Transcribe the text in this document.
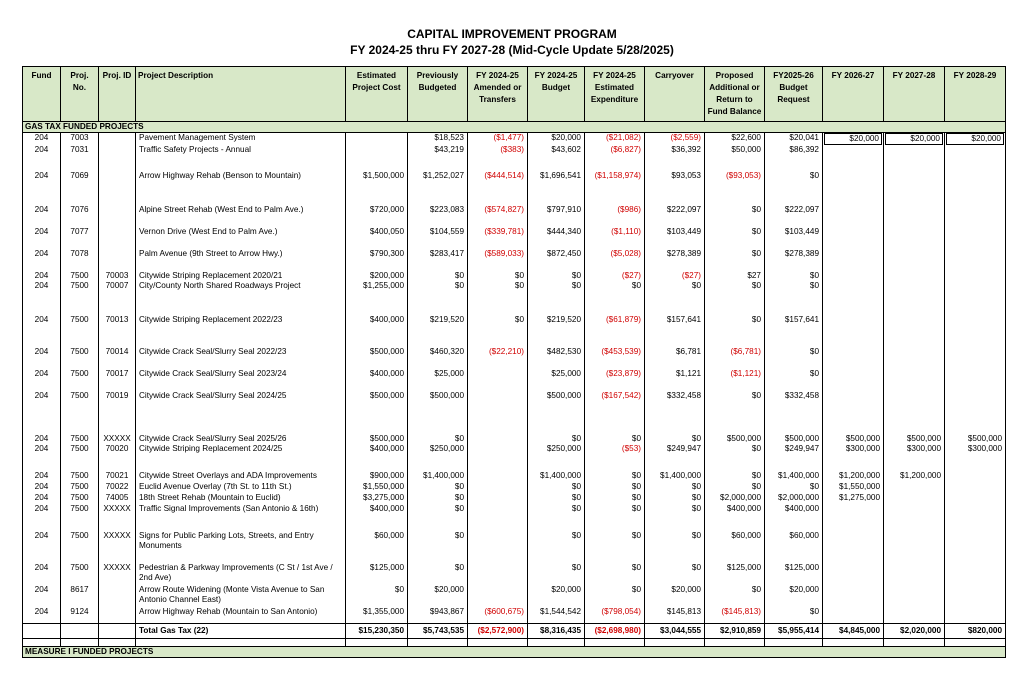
CAPITAL IMPROVEMENT PROGRAM
FY 2024-25 thru FY 2027-28 (Mid-Cycle Update 5/28/2025)
Fund	Proj. No.	Proj. ID	Project Description	Estimated Project Cost	Previously Budgeted	FY 2024-25 Amended or Transfers	FY 2024-25 Budget	FY 2024-25 Estimated Expenditure	Carryover	Proposed Additional or Return to Fund Balance	FY2025-26 Budget Request	FY 2026-27	FY 2027-28	FY 2028-29
GAS TAX FUNDED PROJECTS														
204	7003		Pavement Management System		$18,523	($1,477)	$20,000	($21,082)	($2,559)	$22,600	$20,041	$20,000	$20,000	$20,000

204	7031		Traffic Safety Projects - Annual		$43,219	($383)	$43,602	($6,827)	$36,392	$50,000	$86,392			
204	7069		Arrow Highway Rehab (Benson to Mountain)	$1,500,000	$1,252,027	($444,514)	$1,696,541	($1,158,974)	$93,053	($93,053)	$0			
204	7076		Alpine Street Rehab (West End to Palm Ave.)	$720,000	$223,083	($574,827)	$797,910	($986)	$222,097	$0	$222,097			
204	7077		Vernon Drive (West End to Palm Ave.)	$400,050	$104,559	($339,781)	$444,340	($1,110)	$103,449	$0	$103,449			
204	7078		Palm Avenue (9th Street to Arrow Hwy.)	$790,300	$283,417	($589,033)	$872,450	($5,028)	$278,389	$0	$278,389			
204	7500	70003	Citywide Striping Replacement 2020/21	$200,000	$0	$0	$0	($27)	($27)	$27	$0			
204	7500	70007	City/County North Shared Roadways Project	$1,255,000	$0	$0	$0	$0	$0	$0	$0			
204	7500	70013	Citywide Striping Replacement 2022/23	$400,000	$219,520	$0	$219,520	($61,879)	$157,641	$0	$157,641			
204	7500	70014	Citywide Crack Seal/Slurry Seal 2022/23	$500,000	$460,320	($22,210)	$482,530	($453,539)	$6,781	($6,781)	$0			
204	7500	70017	Citywide Crack Seal/Slurry Seal 2023/24	$400,000	$25,000		$25,000	($23,879)	$1,121	($1,121)	$0			
204	7500	70019	Citywide Crack Seal/Slurry Seal 2024/25	$500,000	$500,000		$500,000	($167,542)	$332,458	$0	$332,458			
204	7500	XXXXX	Citywide Crack Seal/Slurry Seal 2025/26	$500,000	$0		$0	$0	$0	$500,000	$500,000	$500,000	$500,000	$500,000
204	7500	70020	Citywide Striping Replacement 2024/25	$400,000	$250,000		$250,000	($53)	$249,947	$0	$249,947	$300,000	$300,000	$300,000
204	7500	70021	Citywide Street Overlays and ADA Improvements	$900,000	$1,400,000		$1,400,000	$0	$1,400,000	$0	$1,400,000	$1,200,000	$1,200,000	
204	7500	70022	Euclid Avenue Overlay (7th St. to 11th St.)	$1,550,000	$0		$0	$0	$0	$0	$0	$1,550,000		
204	7500	74005	18th Street Rehab (Mountain to Euclid)	$3,275,000	$0		$0	$0	$0	$2,000,000	$2,000,000	$1,275,000		
204	7500	XXXXX	Traffic Signal Improvements (San Antonio & 16th)	$400,000	$0		$0	$0	$0	$400,000	$400,000			
204	7500	XXXXX	Signs for Public Parking Lots, Streets, and Entry Monuments	$60,000	$0		$0	$0	$0	$60,000	$60,000			
204	7500	XXXXX	Pedestrian & Parkway Improvements (C St / 1st Ave / 2nd Ave)	$125,000	$0		$0	$0	$0	$125,000	$125,000			
204	8617		Arrow Route Widening (Monte Vista Avenue to San Antonio Channel East)	$0	$20,000		$20,000	$0	$20,000	$0	$20,000			
204	9124		Arrow Highway Rehab (Mountain to San Antonio)	$1,355,000	$943,867	($600,675)	$1,544,542	($798,054)	$145,813	($145,813)	$0			
			Total Gas Tax (22)	$15,230,350	$5,743,535	($2,572,900)	$8,316,435	($2,698,980)	$3,044,555	$2,910,859	$5,955,414	$4,845,000	$2,020,000	$820,000

MEASURE I FUNDED PROJECTS														
